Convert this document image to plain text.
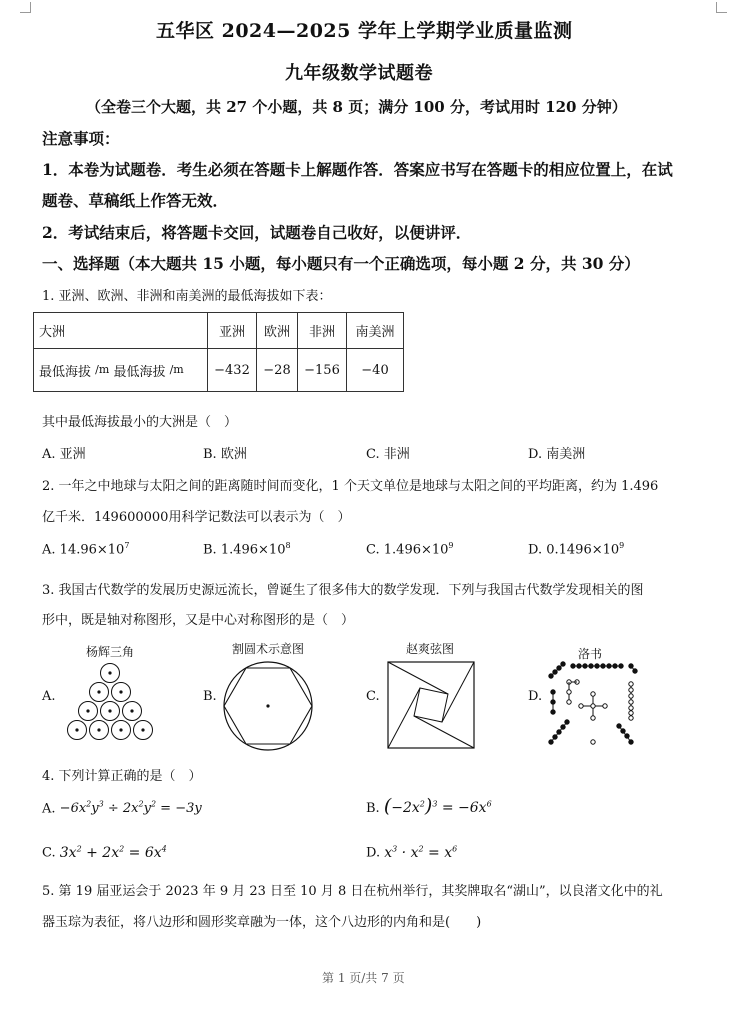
五华区 2024—2025 学年上学期学业质量监测
九年级数学试题卷
（全卷三个大题，共 27 个小题，共 8 页；满分 100 分，考试用时 120 分钟）
注意事项：
1．本卷为试题卷．考生必须在答题卡上解题作答．答案应书写在答题卡的相应位置上，在试
题卷、草稿纸上作答无效．
2．考试结束后，将答题卡交回，试题卷自己收好，以便讲评．
一、选择题（本大题共 15 小题，每小题只有一个正确选项，每小题 2 分，共 30 分）
1. 亚洲、欧洲、非洲和南美洲的最低海拔如下表：
大洲	亚洲	欧洲	非洲	南美洲
最低海拔 $^{/m}$ 最低海拔 $^{/m}$	−432	−28	−156	−40
其中最低海拔最小的大洲是（　）
A. 亚洲	B. 欧洲	C. 非洲	D. 南美洲
2. 一年之中地球与太阳之间的距离随时间而变化，1 个天文单位是地球与太阳之间的平均距离，约为 1.496
亿千米．149600000用科学记数法可以表示为（　）
A. $14.96\times 10^7$	B. $1.496\times 10^8$	C. $1.496\times 10^9$	D. $0.1496\times 10^9$
3. 我国古代数学的发展历史源远流长，曾诞生了很多伟大的数学发现．下列与我国古代数学发现相关的图
形中，既是轴对称图形，又是中心对称图形的是（　）
杨辉三角
A.
割圆术示意图
B.
赵爽弦图
C.
洛书
D.
4. 下列计算正确的是（　）
A. $-6x^2y^3 \div 2x^2y^2 = -3y$	B. $(-2x^2)^3 = -6x^6$
C. $3x^2 + 2x^2 = 6x^4$	D. $x^3 \cdot x^2 = x^6$
5. 第 19 届亚运会于 2023 年 9 月 23 日至 10 月 8 日在杭州举行，其奖牌取名“湖山”，以良渚文化中的礼
器玉琮为表征，将八边形和圆形奖章融为一体，这个八边形的内角和是(　　)
第 1 页/共 7 页
